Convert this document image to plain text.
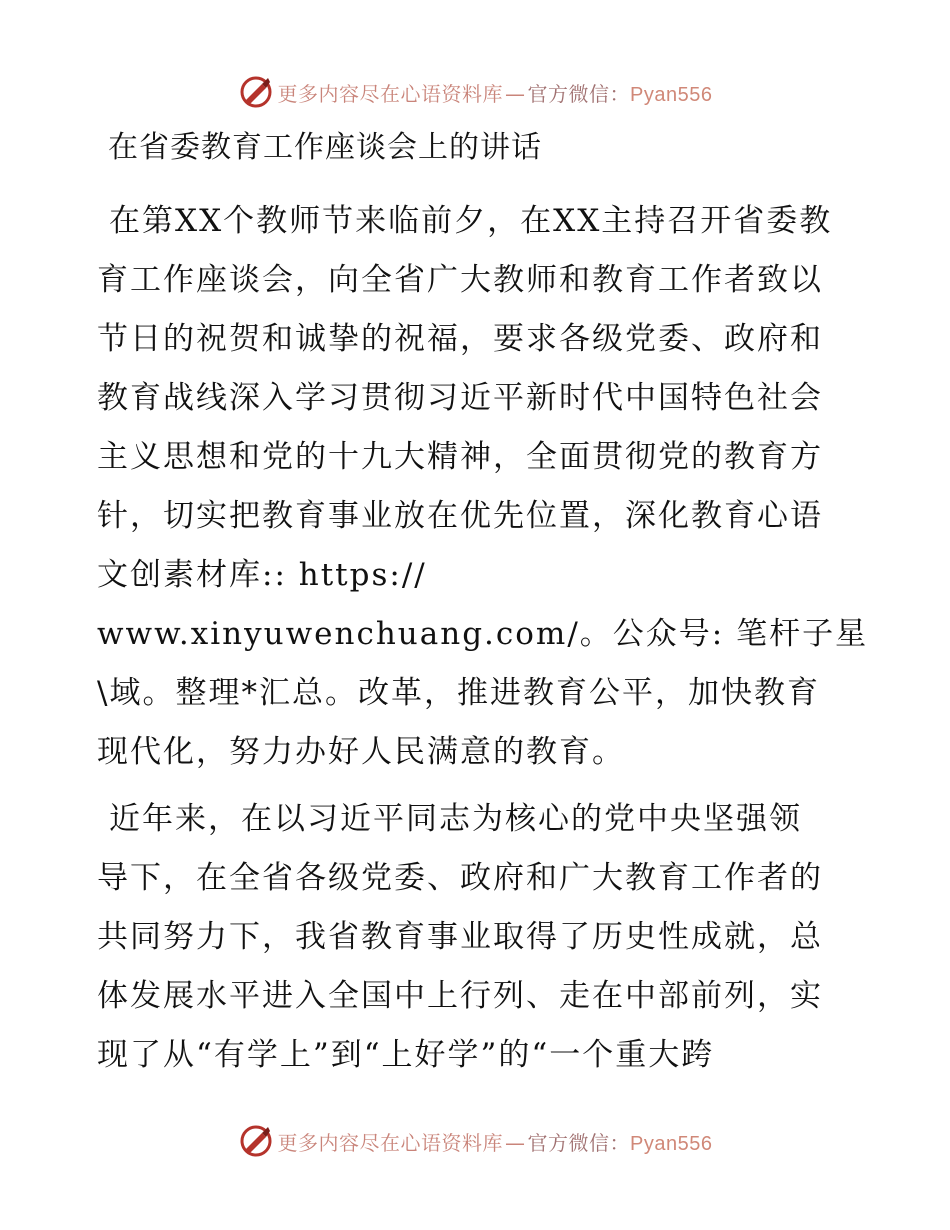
更多内容尽在心语资料库 — 官方微信：Pyan556
在省委教育工作座谈会上的讲话
在第XX个教师节来临前夕，在XX主持召开省委教
育工作座谈会，向全省广大教师和教育工作者致以
节日的祝贺和诚挚的祝福，要求各级党委、政府和
教育战线深入学习贯彻习近平新时代中国特色社会
主义思想和党的十九大精神，全面贯彻党的教育方
针，切实把教育事业放在优先位置，深化教育心语
文创素材库:: https://
www.xinyuwenchuang.com/。公众号: 笔杆子星
\域。整理*汇总。改革，推进教育公平，加快教育
现代化，努力办好人民满意的教育。
近年来，在以习近平同志为核心的党中央坚强领
导下，在全省各级党委、政府和广大教育工作者的
共同努力下，我省教育事业取得了历史性成就，总
体发展水平进入全国中上行列、走在中部前列，实
现了从“有学上”到“上好学”的“一个重大跨
更多内容尽在心语资料库 — 官方微信：Pyan556
